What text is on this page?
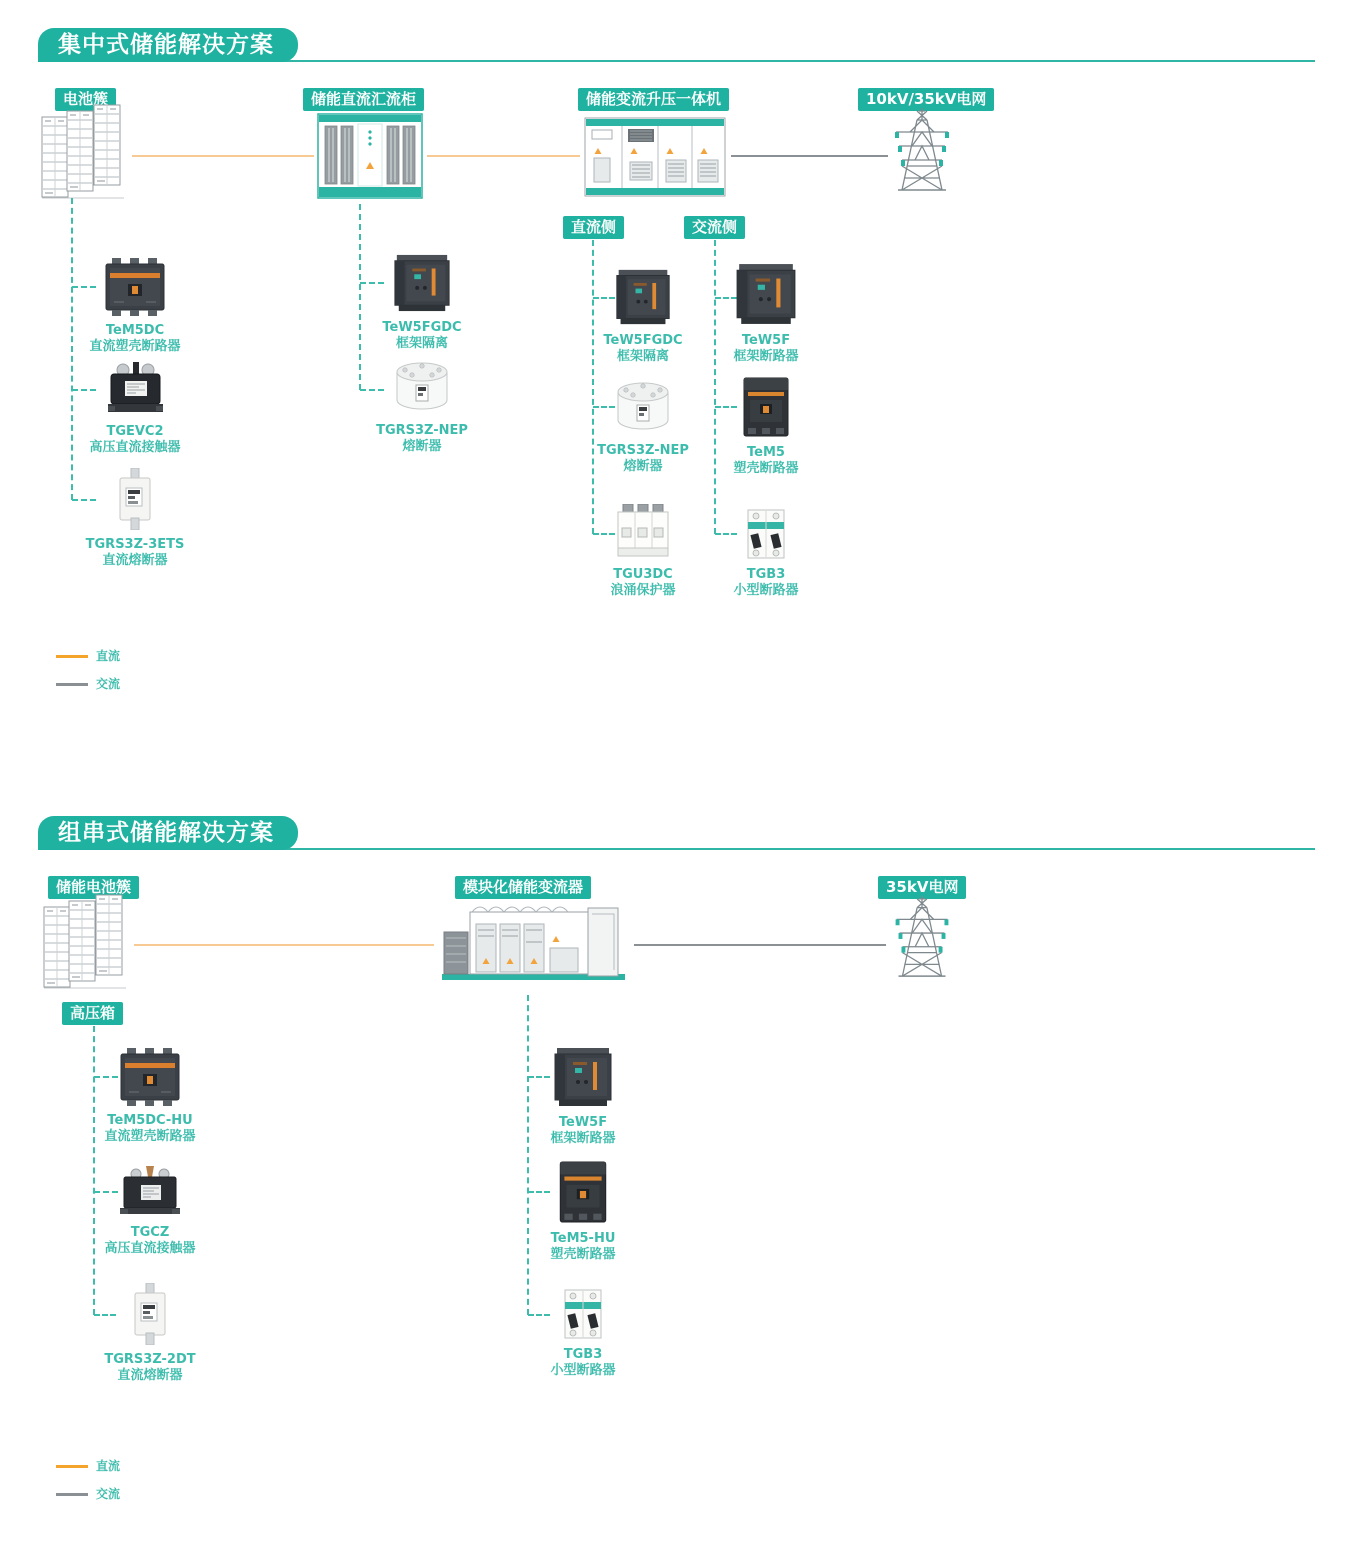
集中式储能解决方案
电池簇	储能直流汇流柜	储能变流升压一体机	10kV/35kV电网
TeM5DC
直流塑壳断路器
TGEVC2
高压直流接触器
TGRS3Z-3ETS
直流熔断器
TeW5FGDC
框架隔离
TGRS3Z-NEP
熔断器
直流侧	交流侧
TeW5FGDC
框架隔离
TGRS3Z-NEP
熔断器
TGU3DC
浪涌保护器
TeW5F
框架断路器
TeM5
塑壳断路器
TGB3
小型断路器
直流
交流
组串式储能解决方案
储能电池簇	模块化储能变流器	35kV电网
高压箱
TeM5DC-HU
直流塑壳断路器
TGCZ
高压直流接触器
TGRS3Z-2DT
直流熔断器
TeW5F
框架断路器
TeM5-HU
塑壳断路器
TGB3
小型断路器
直流
交流
